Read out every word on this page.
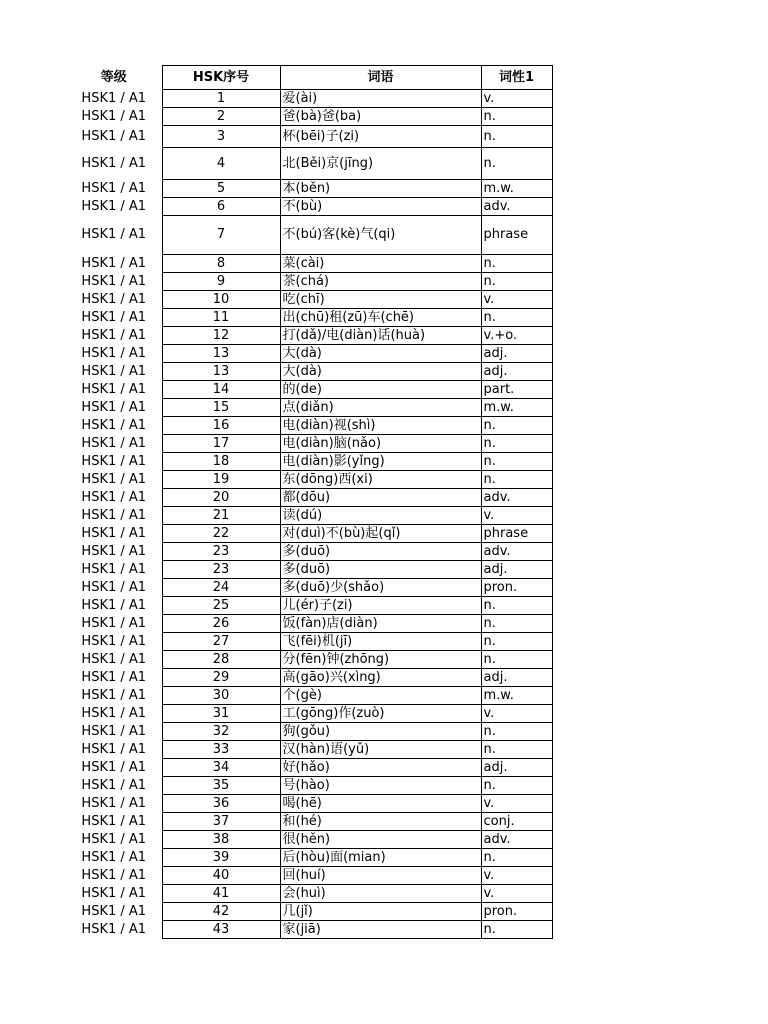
等级	HSK序号	词语	词性1
HSK1 / A1	1	爱(ài)	v.
HSK1 / A1	2	爸(bà)爸(ba)	n.
HSK1 / A1	3	杯(bēi)子(zi)	n.
HSK1 / A1	4	北(Běi)京(jīng)	n.
HSK1 / A1	5	本(běn)	m.w.
HSK1 / A1	6	不(bù)	adv.
HSK1 / A1	7	不(bú)客(kè)气(qi)	phrase
HSK1 / A1	8	菜(cài)	n.
HSK1 / A1	9	茶(chá)	n.
HSK1 / A1	10	吃(chī)	v.
HSK1 / A1	11	出(chū)租(zū)车(chē)	n.
HSK1 / A1	12	打(dǎ)/电(diàn)话(huà)	v.+o.
HSK1 / A1	13	大(dà)	adj.
HSK1 / A1	13	大(dà)	adj.
HSK1 / A1	14	的(de)	part.
HSK1 / A1	15	点(diǎn)	m.w.
HSK1 / A1	16	电(diàn)视(shì)	n.
HSK1 / A1	17	电(diàn)脑(nǎo)	n.
HSK1 / A1	18	电(diàn)影(yǐng)	n.
HSK1 / A1	19	东(dōng)西(xi)	n.
HSK1 / A1	20	都(dōu)	adv.
HSK1 / A1	21	读(dú)	v.
HSK1 / A1	22	对(duì)不(bù)起(qǐ)	phrase
HSK1 / A1	23	多(duō)	adv.
HSK1 / A1	23	多(duō)	adj.
HSK1 / A1	24	多(duō)少(shǎo)	pron.
HSK1 / A1	25	儿(ér)子(zi)	n.
HSK1 / A1	26	饭(fàn)店(diàn)	n.
HSK1 / A1	27	飞(fēi)机(jī)	n.
HSK1 / A1	28	分(fēn)钟(zhōng)	n.
HSK1 / A1	29	高(gāo)兴(xìng)	adj.
HSK1 / A1	30	个(gè)	m.w.
HSK1 / A1	31	工(gōng)作(zuò)	v.
HSK1 / A1	32	狗(gǒu)	n.
HSK1 / A1	33	汉(hàn)语(yǔ)	n.
HSK1 / A1	34	好(hǎo)	adj.
HSK1 / A1	35	号(hào)	n.
HSK1 / A1	36	喝(hē)	v.
HSK1 / A1	37	和(hé)	conj.
HSK1 / A1	38	很(hěn)	adv.
HSK1 / A1	39	后(hòu)面(mian)	n.
HSK1 / A1	40	回(huí)	v.
HSK1 / A1	41	会(huì)	v.
HSK1 / A1	42	几(jǐ)	pron.
HSK1 / A1	43	家(jiā)	n.
